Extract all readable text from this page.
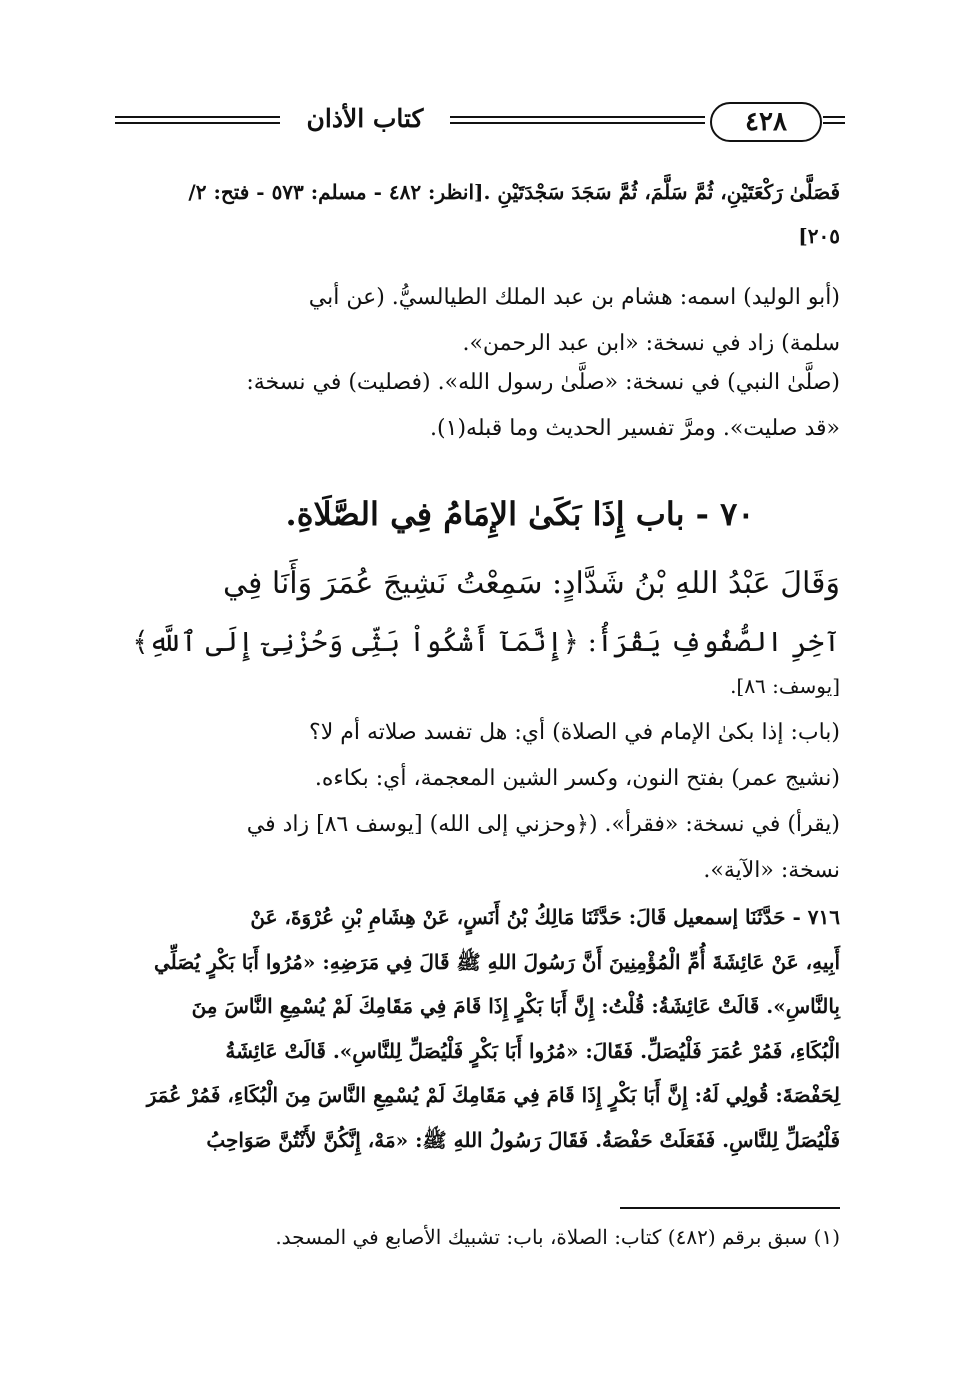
كتاب الأذان	٤٢٨
فَصَلَّىٰ رَكْعَتَيْنِ، ثُمَّ سَلَّمَ، ثُمَّ سَجَدَ سَجْدَتَيْنِ .[انظر: ٤٨٢ - مسلم: ٥٧٣ - فتح: ٢/
٢٠٥]
(أبو الوليد) اسمه: هشام بن عبد الملك الطيالسيُّ. (عن أبي
سلمة) زاد في نسخة: «ابن عبد الرحمن».
(صلَّىٰ النبي) في نسخة: «صلَّىٰ رسول الله». (فصليت) في نسخة:
«قد صليت». ومرَّ تفسير الحديث وما قبله(١).
٧٠ - باب إِذَا بَكَىٰ الإِمَامُ فِي الصَّلَاةِ.
وَقَالَ عَبْدُ اللهِ بْنُ شَدَّادٍ: سَمِعْتُ نَشِيجَ عُمَرَ وَأَنَا فِي
آخِرِ الصُّفُوفِ يَقْرَأُ: ﴿إِنَّمَآ أَشْكُواْ بَثِّى وَحُزْنِىٓ إِلَى ٱللَّهِ﴾
[يوسف: ٨٦].
(باب: إذا بكىٰ الإمام في الصلاة) أي: هل تفسد صلاته أم لا؟
(نشيج عمر) بفتح النون، وكسر الشين المعجمة، أي: بكاءه.
(يقرأ) في نسخة: «فقرأ». (﴿وحزني إلى الله) [يوسف ٨٦] زاد في
نسخة: «الآية».
٧١٦ - حَدَّثَنَا إسمعيل قَالَ: حَدَّثَنَا مَالِكُ بْنُ أَنَسٍ، عَنْ هِشَامِ بْنِ عُرْوَةَ، عَنْ
أَبِيهِ، عَنْ عَائِشَةَ أُمِّ الْمُؤْمِنِينَ أَنَّ رَسُولَ اللهِ ﷺ قَالَ فِي مَرَضِهِ: «مُرُوا أَبَا بَكْرٍ يُصَلِّي
بِالنَّاسِ». قَالَتْ عَائِشَةُ: قُلْتُ: إِنَّ أَبَا بَكْرٍ إِذَا قَامَ فِي مَقَامِكَ لَمْ يُسْمِعِ النَّاسَ مِنَ
الْبُكَاءِ، فَمُرْ عُمَرَ فَلْيُصَلِّ. فَقَالَ: «مُرُوا أَبَا بَكْرٍ فَلْيُصَلِّ لِلنَّاسِ». قَالَتْ عَائِشَةُ
لِحَفْصَةَ: قُولِي لَهُ: إِنَّ أَبَا بَكْرٍ إِذَا قَامَ فِي مَقَامِكَ لَمْ يُسْمِعِ النَّاسَ مِنَ الْبُكَاءِ، فَمُرْ عُمَرَ
فَلْيُصَلِّ لِلنَّاسِ. فَفَعَلَتْ حَفْصَةُ. فَقَالَ رَسُولُ اللهِ ﷺ: «مَهْ، إِنَّكُنَّ لأَنْتُنَّ صَوَاحِبُ
(١) سبق برقم (٤٨٢) كتاب: الصلاة، باب: تشبيك الأصابع في المسجد.
